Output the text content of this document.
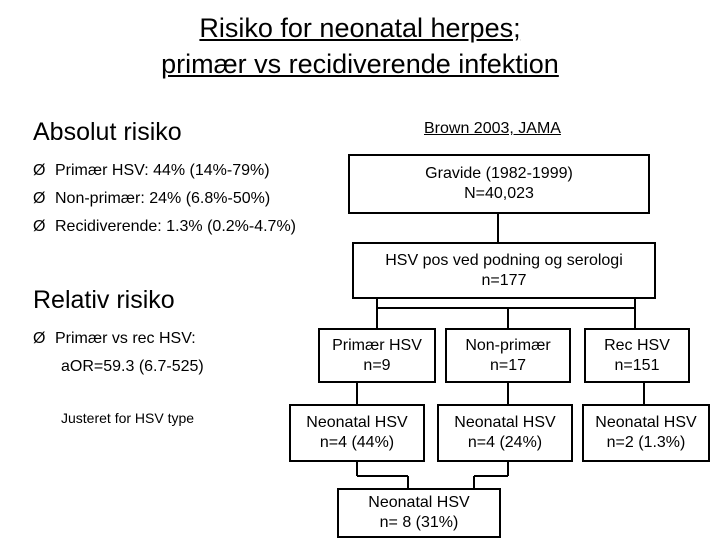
Risiko for neonatal herpes;
primær vs recidiverende infektion
Absolut risiko
Ø Primær HSV: 44% (14%-79%)
Ø Non-primær: 24% (6.8%-50%)
Ø Recidiverende: 1.3% (0.2%-4.7%)
Relativ risiko
Ø Primær vs rec HSV:
aOR=59.3 (6.7-525)
Justeret for HSV type
Brown 2003, JAMA
Gravide (1982-1999)
N=40,023
HSV pos ved podning og serologi
n=177
Primær HSV
n=9
Non-primær
n=17
Rec HSV
n=151
Neonatal HSV
n=4 (44%)
Neonatal HSV
n=4 (24%)
Neonatal HSV
n=2 (1.3%)
Neonatal HSV
n= 8 (31%)
